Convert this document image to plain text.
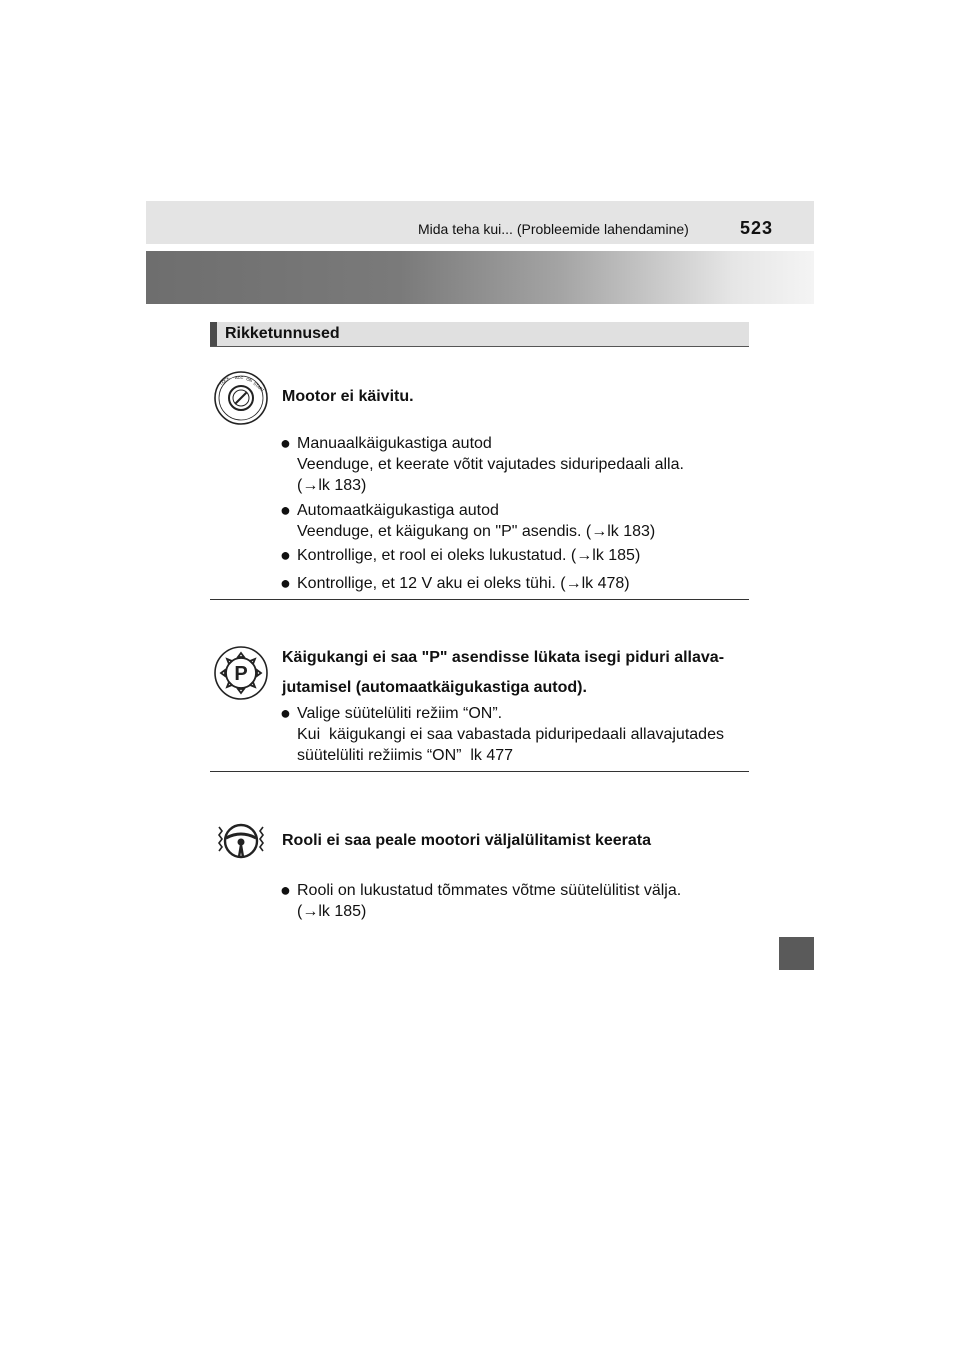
Mida teha kui... (Probleemide lahendamine)	523
Rikketunnused
LOCK ACC ON
START
Mootor ei käivitu.
● Manuaalkäigukastiga autod
Veenduge, et keerate võtit vajutades siduripedaali alla.
(→lk 183)
● Automaatkäigukastiga autod
Veenduge, et käigukang on "P" asendis. (→lk 183)
● Kontrollige, et rool ei oleks lukustatud. (→lk 185)
● Kontrollige, et 12 V aku ei oleks tühi. (→lk 478)
P
Käigukangi ei saa "P" asendisse lükata isegi piduri allava-
jutamisel (automaatkäigukastiga autod).
● Valige süütelüliti režiim “ON”.
Kui  käigukangi ei saa vabastada piduripedaali allavajutades
süütelüliti režiimis “ON”  lk 477
Rooli ei saa peale mootori väljalülitamist keerata
● Rooli on lukustatud tõmmates võtme süütelülitist välja.
(→lk 185)
